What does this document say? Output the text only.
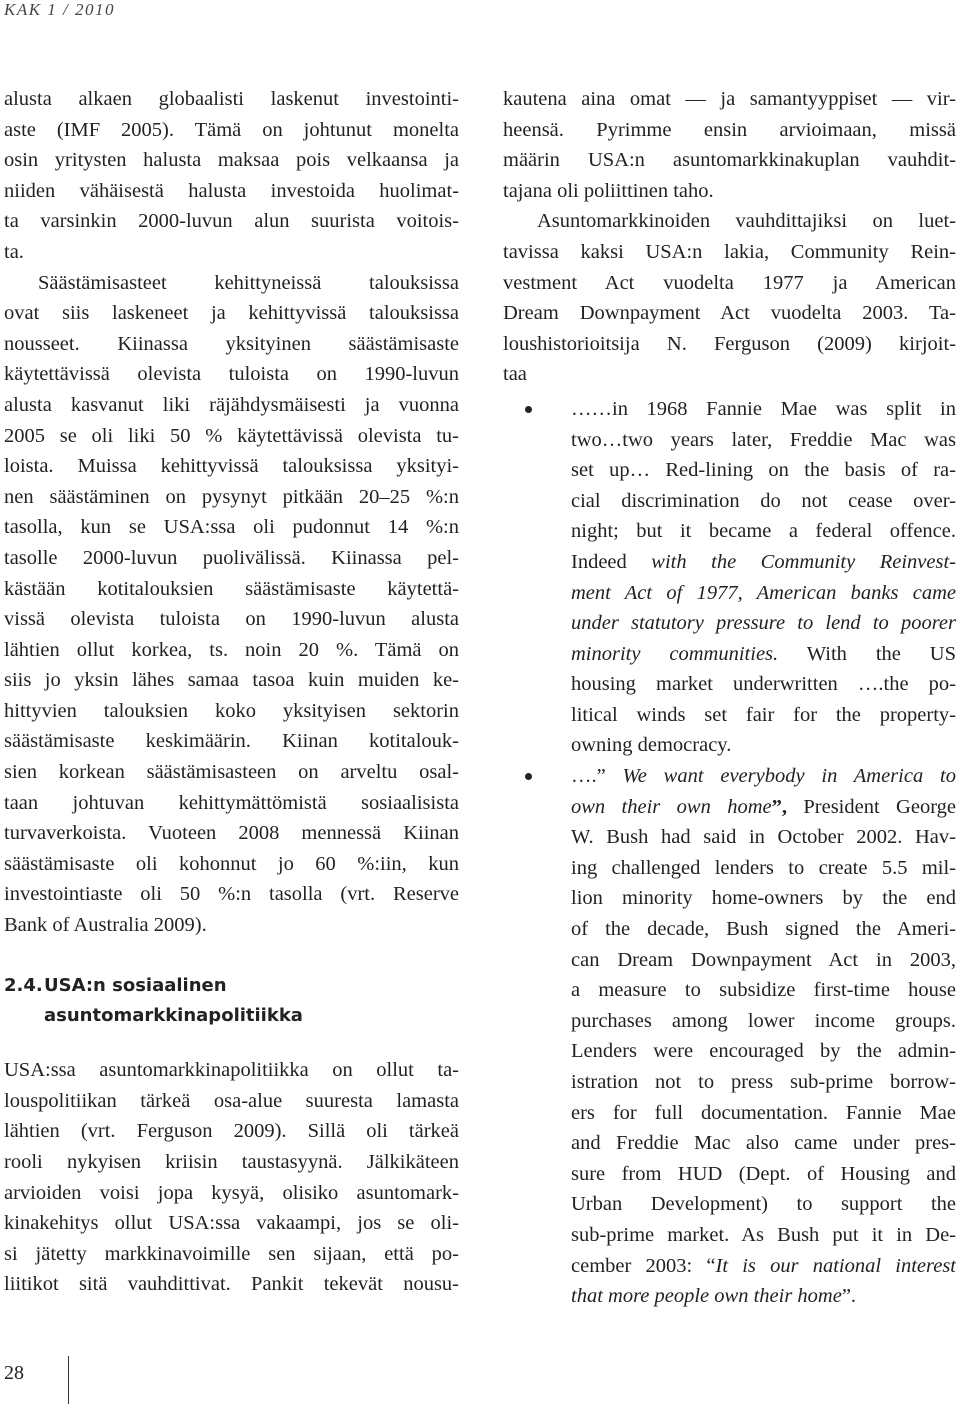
KAK 1 / 2010
alusta alkaen globaalisti laskenut investointi-
aste (IMF 2005). Tämä on johtunut monelta
osin yritysten halusta maksaa pois velkaansa ja
niiden vähäisestä halusta investoida huolimat-
ta varsinkin 2000-luvun alun suurista voitois-
ta.
Säästämisasteet kehittyneissä talouksissa
ovat siis laskeneet ja kehittyvissä talouksissa
nousseet. Kiinassa yksityinen säästämisaste
käytettävissä olevista tuloista on 1990-luvun
alusta kasvanut liki räjähdysmäisesti ja vuonna
2005 se oli liki 50 % käytettävissä olevista tu-
loista. Muissa kehittyvissä talouksissa yksityi-
nen säästäminen on pysynyt pitkään 20–25 %:n
tasolla, kun se USA:ssa oli pudonnut 14 %:n
tasolle 2000-luvun puolivälissä. Kiinassa pel-
kästään kotitalouksien säästämisaste käytettä-
vissä olevista tuloista on 1990-luvun alusta
lähtien ollut korkea, ts. noin 20 %. Tämä on
siis jo yksin lähes samaa tasoa kuin muiden ke-
hittyvien talouksien koko yksityisen sektorin
säästämisaste keskimäärin. Kiinan kotitalouk-
sien korkean säästämisasteen on arveltu osal-
taan johtuvan kehittymättömistä sosiaalisista
turvaverkoista. Vuoteen 2008 mennessä Kiinan
säästämisaste oli kohonnut jo 60 %:iin, kun
investointiaste oli 50 %:n tasolla (vrt. Reserve
Bank of Australia 2009).
2.4.USA:n sosiaalinen
asuntomarkkinapolitiikka
USA:ssa asuntomarkkinapolitiikka on ollut ta-
louspolitiikan tärkeä osa-alue suuresta lamasta
lähtien (vrt. Ferguson 2009). Sillä oli tärkeä
rooli nykyisen kriisin taustasyynä. Jälkikäteen
arvioiden voisi jopa kysyä, olisiko asuntomark-
kinakehitys ollut USA:ssa vakaampi, jos se oli-
si jätetty markkinavoimille sen sijaan, että po-
liitikot sitä vauhdittivat. Pankit tekevät nousu-
kautena aina omat — ja samantyyppiset — vir-
heensä. Pyrimme ensin arvioimaan, missä
määrin USA:n asuntomarkkinakuplan vauhdit-
tajana oli poliittinen taho.
Asuntomarkkinoiden vauhdittajiksi on luet-
tavissa kaksi USA:n lakia, Community Rein-
vestment Act vuodelta 1977 ja American
Dream Downpayment Act vuodelta 2003. Ta-
loushistorioitsija N. Ferguson (2009) kirjoit-
taa
……in 1968 Fannie Mae was split in
two…two years later, Freddie Mac was
set up… Red-lining on the basis of ra-
cial discrimination do not cease over-
night; but it became a federal offence.
Indeed with the Community Reinvest-
ment Act of 1977, American banks came
under statutory pressure to lend to poorer
minority communities. With the US
housing market underwritten ….the po-
litical winds set fair for the property-
owning democracy.
….” We want everybody in America to
own their own home”, President George
W. Bush had said in October 2002. Hav-
ing challenged lenders to create 5.5 mil-
lion minority home-owners by the end
of the decade, Bush signed the Ameri-
can Dream Downpayment Act in 2003,
a measure to subsidize first-time house
purchases among lower income groups.
Lenders were encouraged by the admin-
istration not to press sub-prime borrow-
ers for full documentation. Fannie Mae
and Freddie Mac also came under pres-
sure from HUD (Dept. of Housing and
Urban Development) to support the
sub-prime market. As Bush put it in De-
cember 2003: “It is our national interest
that more people own their home”.
28
